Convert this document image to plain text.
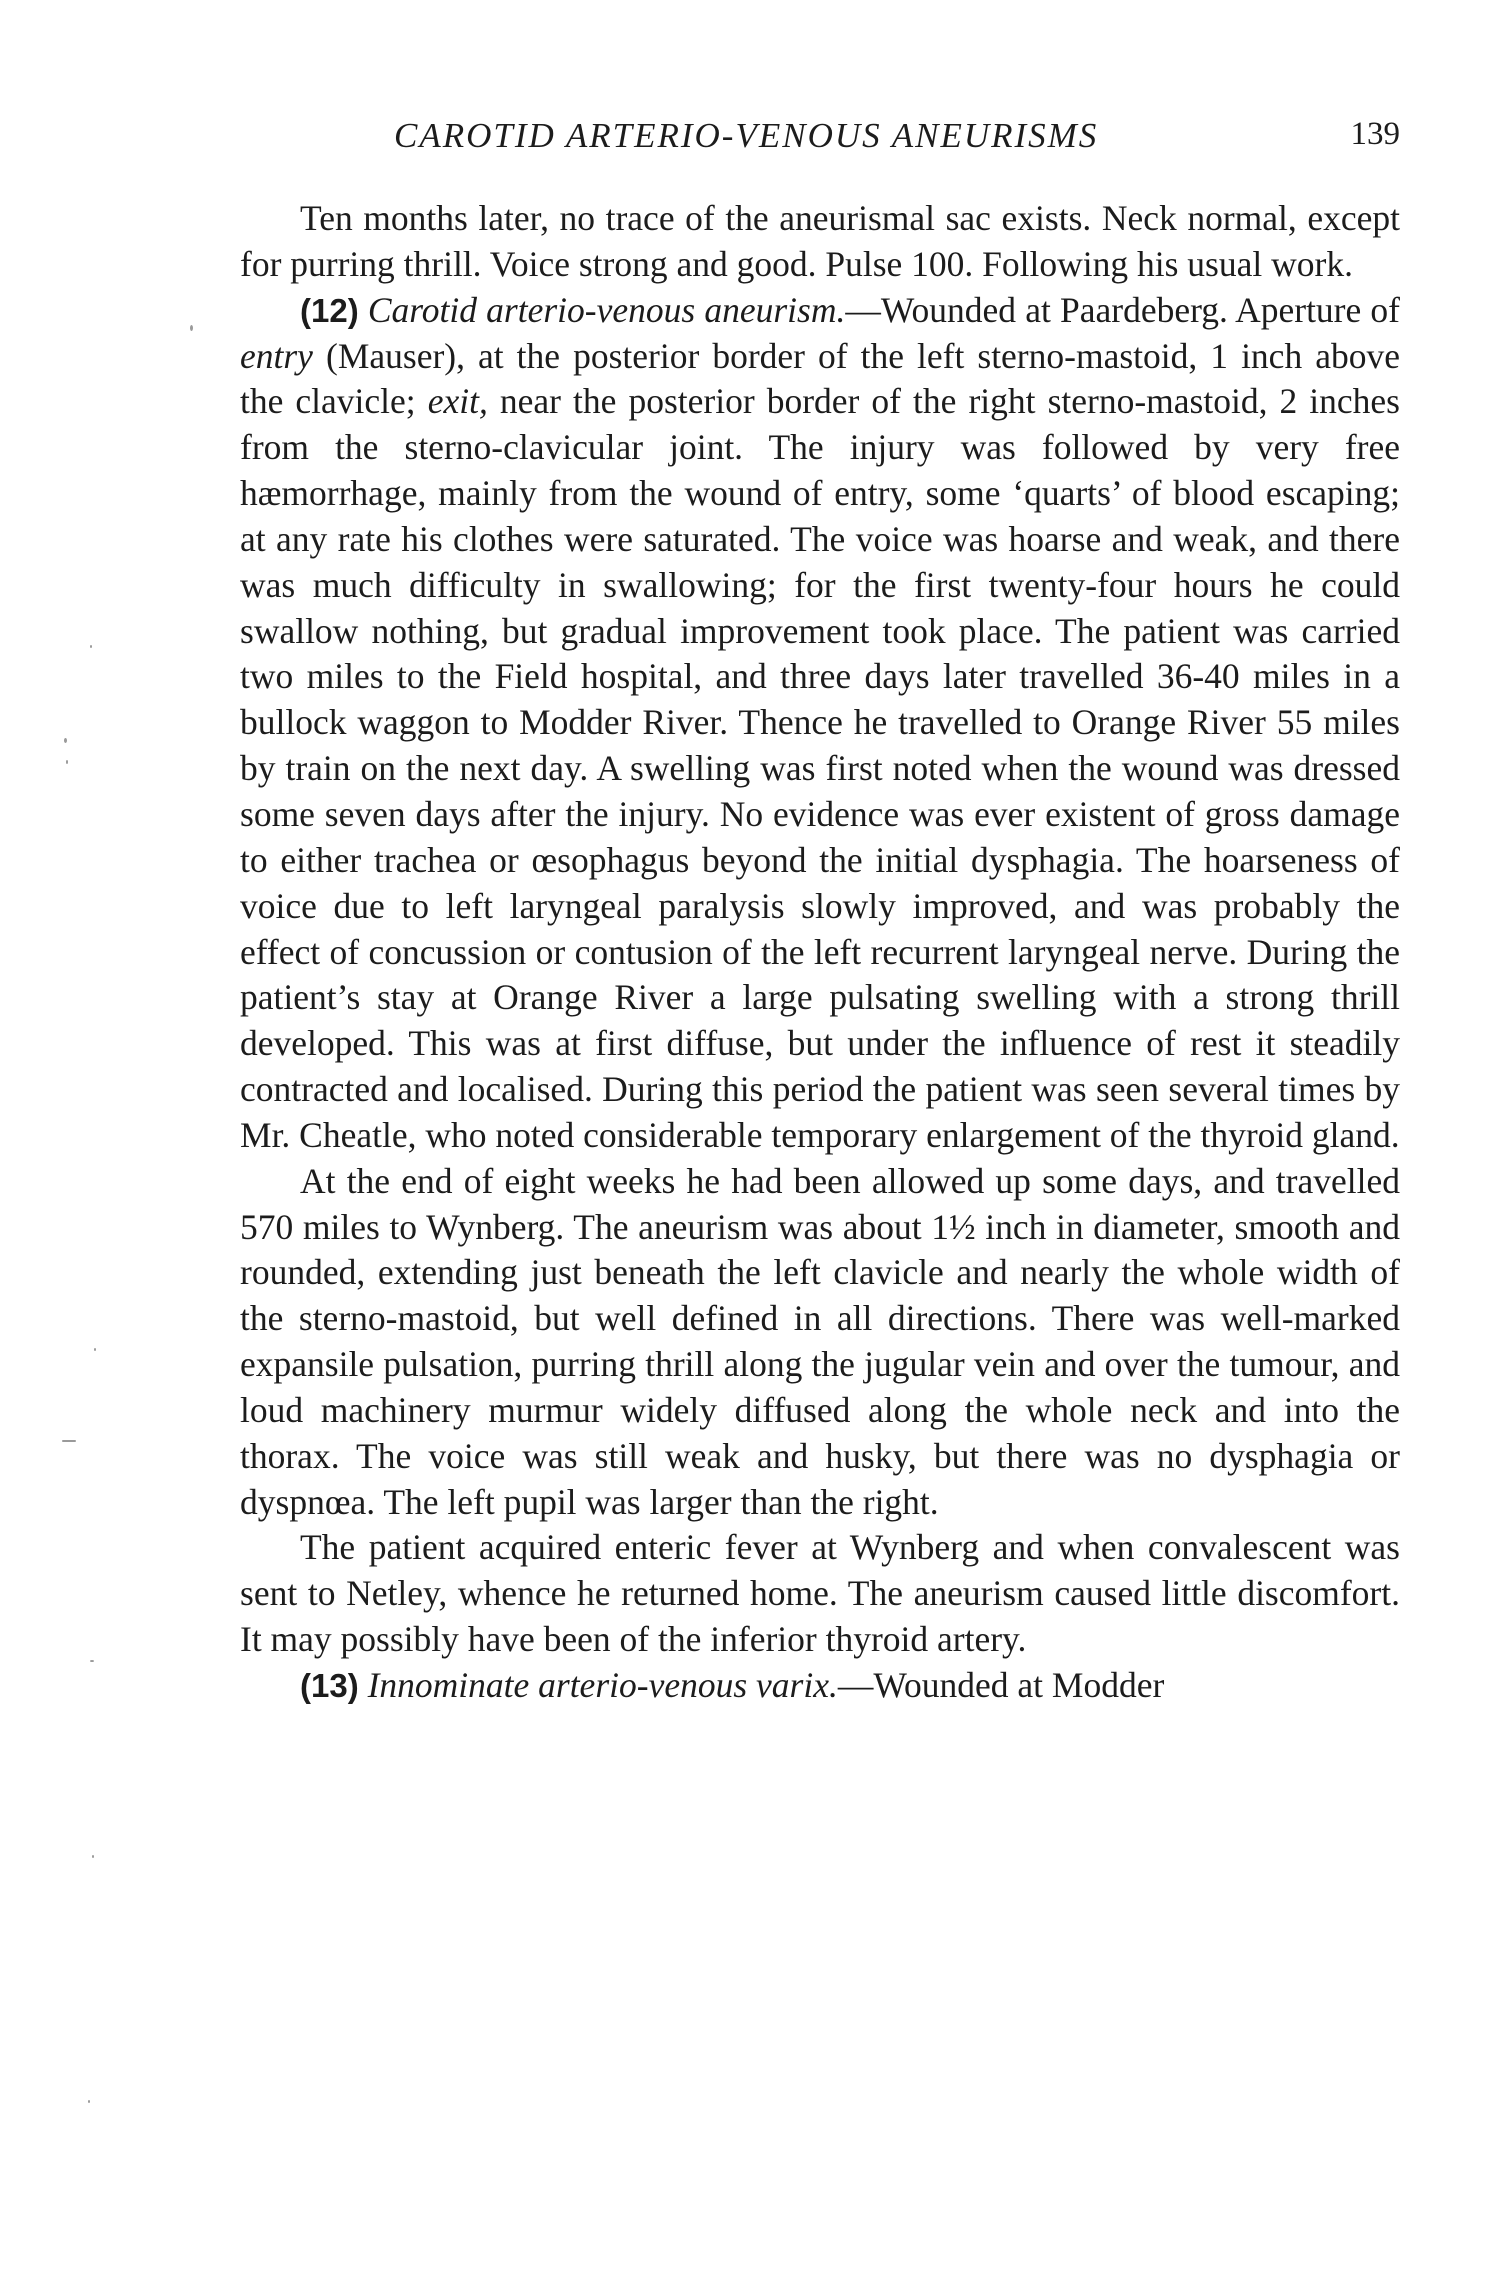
CAROTID ARTERIO-VENOUS ANEURISMS	139

Ten months later, no trace of the aneurismal sac exists. Neck normal, except for purring thrill. Voice strong and good. Pulse 100. Following his usual work.

(12) Carotid arterio-venous aneurism.—Wounded at Paardeberg. Aperture of entry (Mauser), at the posterior border of the left sterno-mastoid, 1 inch above the clavicle; exit, near the posterior border of the right sterno-mastoid, 2 inches from the sterno-clavicular joint. The injury was followed by very free hæmorrhage, mainly from the wound of entry, some ‘quarts’ of blood escaping; at any rate his clothes were saturated. The voice was hoarse and weak, and there was much difficulty in swallowing; for the first twenty-four hours he could swallow nothing, but gradual improvement took place. The patient was carried two miles to the Field hospital, and three days later travelled 36-40 miles in a bullock waggon to Modder River. Thence he travelled to Orange River 55 miles by train on the next day. A swelling was first noted when the wound was dressed some seven days after the injury. No evidence was ever existent of gross damage to either trachea or œsophagus beyond the initial dysphagia. The hoarseness of voice due to left laryngeal paralysis slowly improved, and was probably the effect of concussion or contusion of the left recurrent laryngeal nerve. During the patient’s stay at Orange River a large pulsating swelling with a strong thrill developed. This was at first diffuse, but under the influence of rest it steadily contracted and localised. During this period the patient was seen several times by Mr. Cheatle, who noted considerable temporary enlargement of the thyroid gland.

At the end of eight weeks he had been allowed up some days, and travelled 570 miles to Wynberg. The aneurism was about 1½ inch in diameter, smooth and rounded, extending just beneath the left clavicle and nearly the whole width of the sterno-mastoid, but well defined in all directions. There was well-marked expansile pulsation, purring thrill along the jugular vein and over the tumour, and loud machinery murmur widely diffused along the whole neck and into the thorax. The voice was still weak and husky, but there was no dysphagia or dyspnœa. The left pupil was larger than the right.

The patient acquired enteric fever at Wynberg and when convalescent was sent to Netley, whence he returned home. The aneurism caused little discomfort. It may possibly have been of the inferior thyroid artery.

(13) Innominate arterio-venous varix.—Wounded at Modder
